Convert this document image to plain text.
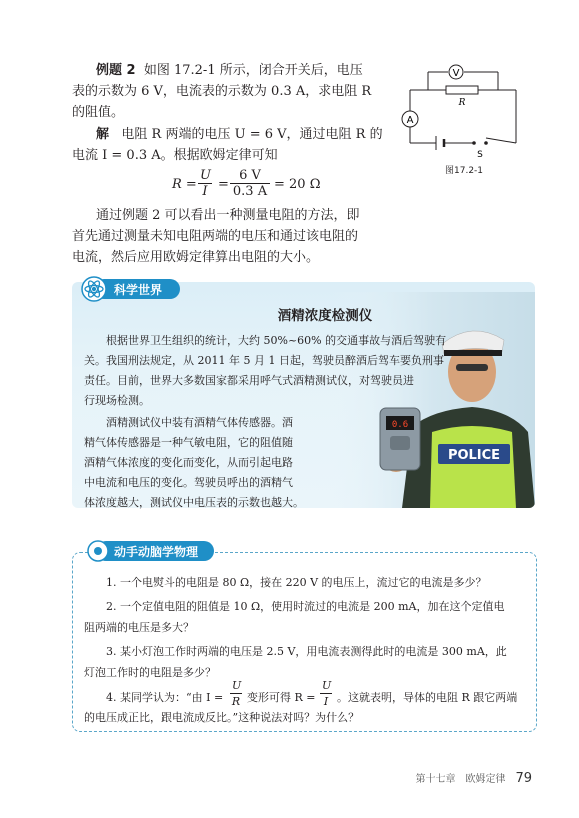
例题 2 如图 17.2-1 所示，闭合开关后，电压
表的示数为 6 V，电流表的示数为 0.3 A，求电阻 R
的阻值。
解 电阻 R 两端的电压 U = 6 V，通过电阻 R 的
电流 I = 0.3 A。根据欧姆定律可知
$R = \frac{U}{I} = \frac{6 V}{0.3 A} = 20$ Ω
通过例题 2 可以看出一种测量电阻的方法，即
首先通过测量未知电阻两端的电压和通过该电阻的
电流，然后应用欧姆定律算出电阻的大小。
V
R
A
S
图17.2-1
POLICE
0.6
科学世界
酒精浓度检测仪
根据世界卫生组织的统计，大约 50%~60% 的交通事故与酒后驾驶有
关。我国刑法规定，从 2011 年 5 月 1 日起，驾驶员醉酒后驾车要负刑事
责任。目前，世界大多数国家都采用呼气式酒精测试仪，对驾驶员进
行现场检测。
酒精测试仪中装有酒精气体传感器。酒
精气体传感器是一种气敏电阻，它的阻值随
酒精气体浓度的变化而变化，从而引起电路
中电流和电压的变化。驾驶员呼出的酒精气
体浓度越大，测试仪中电压表的示数也越大。
动手动脑学物理
1. 一个电熨斗的电阻是 80 Ω，接在 220 V 的电压上，流过它的电流是多少？
2. 一个定值电阻的阻值是 10 Ω，使用时流过的电流是 200 mA，加在这个定值电
阻两端的电压是多大？
3. 某小灯泡工作时两端的电压是 2.5 V，用电流表测得此时的电流是 300 mA，此
灯泡工作时的电阻是多少？
4. 某同学认为：“由 $I = \frac{U}{R}$ 变形可得 $R = \frac{U}{I}$ 。这就表明，导体的电阻 R 跟它两端
的电压成正比，跟电流成反比。”这种说法对吗？为什么？
第十七章　欧姆定律 79
